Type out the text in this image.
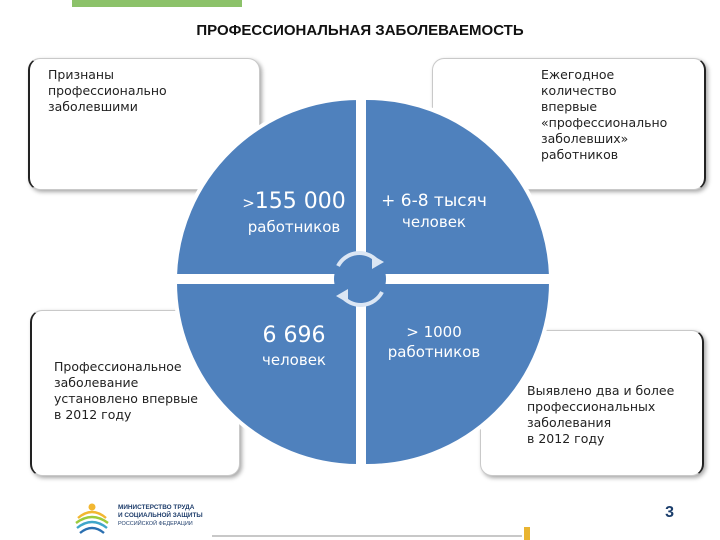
ПРОФЕССИОНАЛЬНАЯ ЗАБОЛЕВАЕМОСТЬ
Признаны
профессионально
заболевшими
Ежегодное количество
впервые
«профессионально
заболевших»
работников
Профессиональное
заболевание
установлено впервые
в 2012 году
Выявлено два и более
профессиональных
заболевания
в 2012 году
>155 000
работников
+ 6-8 тысяч
человек
6 696
человек
> 1000
работников
МИНИСТЕРСТВО ТРУДА
И СОЦИАЛЬНОЙ ЗАЩИТЫ
РОССИЙСКОЙ ФЕДЕРАЦИИ
3
